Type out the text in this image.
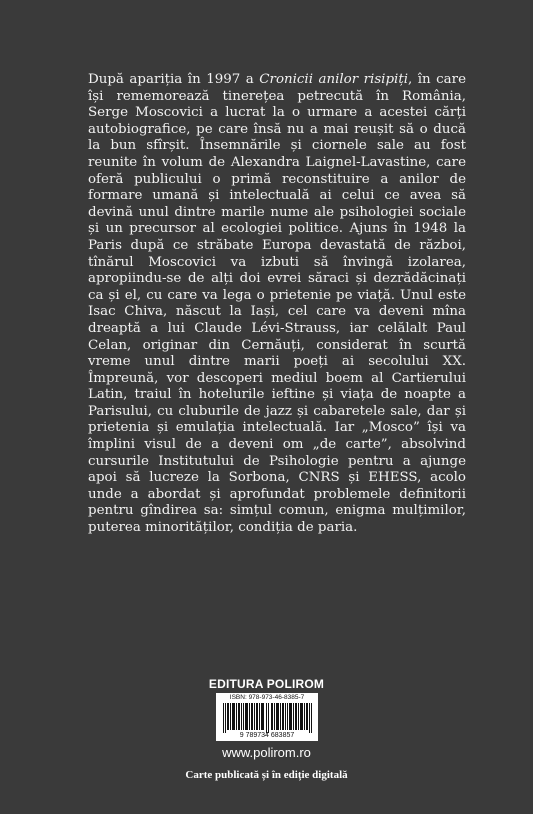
După apariția în 1997 a Cronicii anilor risipiți, în care își rememorează tinerețea petrecută în România, Serge Moscovici a lucrat la o urmare a acestei cărți autobiografice, pe care însă nu a mai reușit să o ducă la bun sfîrșit. Însemnările și ciornele sale au fost reunite în volum de Alexandra Laignel-Lavastine, care oferă publicului o primă reconstituire a anilor de formare umană și intelectuală ai celui ce avea să devină unul dintre marile nume ale psihologiei sociale și un precursor al ecologiei politice. Ajuns în 1948 la Paris după ce străbate Europa devastată de război, tînărul Moscovici va izbuti să învingă izolarea, apropiindu-se de alți doi evrei săraci și dezrădăcinați ca și el, cu care va lega o prietenie pe viață. Unul este Isac Chiva, născut la Iași, cel care va deveni mîna dreaptă a lui Claude Lévi-Strauss, iar celălalt Paul Celan, originar din Cernăuți, considerat în scurtă vreme unul dintre marii poeți ai secolului XX. Împreună, vor descoperi mediul boem al Cartierului Latin, traiul în hotelurile ieftine și viața de noapte a Parisului, cu cluburile de jazz și cabaretele sale, dar și prietenia și emulația intelectuală. Iar „Mosco” își va împlini visul de a deveni om „de carte”, absolvind cursurile Institutului de Psihologie pentru a ajunge apoi să lucreze la Sorbona, CNRS și EHESS, acolo unde a abordat și aprofundat problemele definitorii pentru gîndirea sa: simțul comun, enigma mulțimilor, puterea minorităților, condiția de paria.

EDITURA POLIROM
ISBN: 978-973-46-8385-7
9 789734 683857
www.polirom.ro
Carte publicată și în ediție digitală
